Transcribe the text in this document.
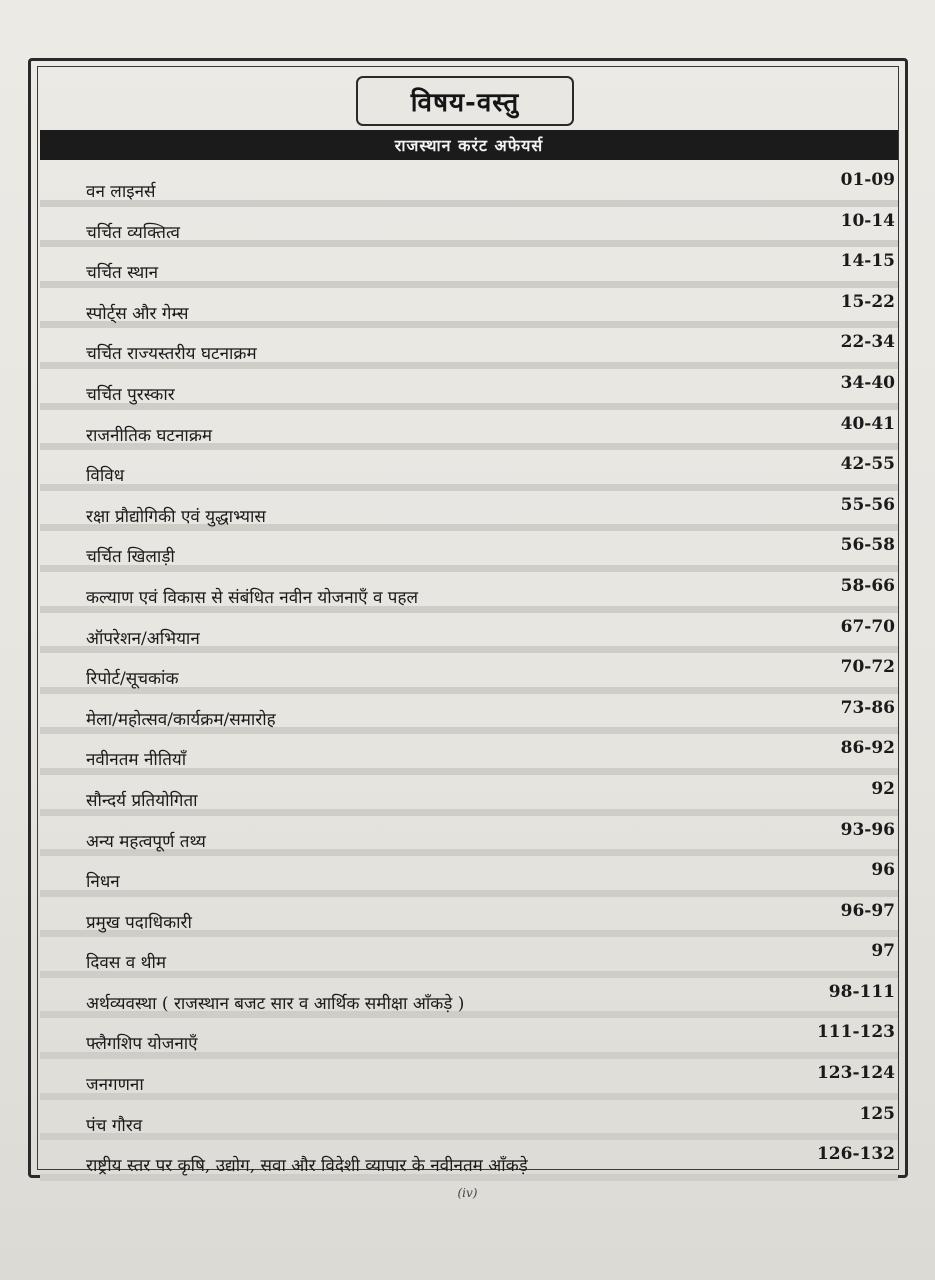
विषय-वस्तु
राजस्थान करंट अफेयर्स
वन लाइनर्स
01-09
चर्चित व्यक्तित्व
10-14
चर्चित स्थान
14-15
स्पोर्ट्स और गेम्स
15-22
चर्चित राज्यस्तरीय घटनाक्रम
22-34
चर्चित पुरस्कार
34-40
राजनीतिक घटनाक्रम
40-41
विविध
42-55
रक्षा प्रौद्योगिकी एवं युद्धाभ्यास
55-56
चर्चित खिलाड़ी
56-58
कल्याण एवं विकास से संबंधित नवीन योजनाएँ व पहल
58-66
ऑपरेशन/अभियान
67-70
रिपोर्ट/सूचकांक
70-72
मेला/महोत्सव/कार्यक्रम/समारोह
73-86
नवीनतम नीतियाँ
86-92
सौन्दर्य प्रतियोगिता
92
अन्य महत्वपूर्ण तथ्य
93-96
निधन
96
प्रमुख पदाधिकारी
96-97
दिवस व थीम
97
अर्थव्यवस्था ( राजस्थान बजट सार व आर्थिक समीक्षा आँकड़े )
98-111
फ्लैगशिप योजनाएँ
111-123
जनगणना
123-124
पंच गौरव
125
राष्ट्रीय स्तर पर कृषि, उद्योग, सवा और विदेशी व्यापार के नवीनतम आँकड़े
126-132
(iv)
